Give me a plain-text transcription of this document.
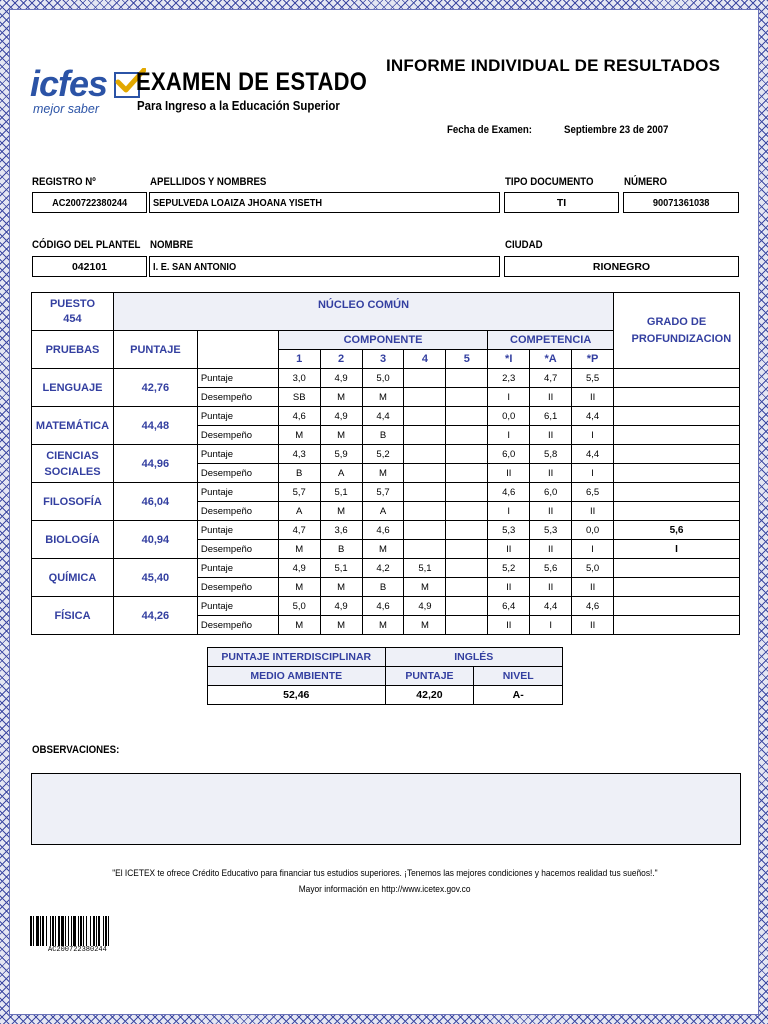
INFORME INDIVIDUAL DE RESULTADOS
icfes
mejor saber
EXAMEN DE ESTADO
Para Ingreso a la Educación Superior
Fecha de Examen:	Septiembre 23 de 2007
REGISTRO Nº	APELLIDOS Y NOMBRES	TIPO DOCUMENTO	NÚMERO
AC200722380244 SEPULVEDA LOAIZA JHOANA YISETH	TI	90071361038
CÓDIGO DEL PLANTEL NOMBRE	CIUDAD
042101	I. E. SAN ANTONIO	RIONEGRO
PUESTO
454	NÚCLEO COMÚN										GRADO DE PROFUNDIZACION
PRUEBAS	PUNTAJE		COMPONENTE					COMPETENCIA			
			1	2	3	4	5	*I	*A	*P	
LENGUAJE	42,76	Puntaje	3,0	4,9	5,0			2,3	4,7	5,5	
		Desempeño	SB	M	M			I	II	II	
MATEMÁTICA	44,48	Puntaje	4,6	4,9	4,4			0,0	6,1	4,4	
		Desempeño	M	M	B			I	II	I	
CIENCIAS SOCIALES	44,96	Puntaje	4,3	5,9	5,2			6,0	5,8	4,4	
		Desempeño	B	A	M			II	II	I	
FILOSOFÍA	46,04	Puntaje	5,7	5,1	5,7			4,6	6,0	6,5	
		Desempeño	A	M	A			I	II	II	
BIOLOGÍA	40,94	Puntaje	4,7	3,6	4,6			5,3	5,3	0,0	5,6
		Desempeño	M	B	M			II	II	I	I
QUÍMICA	45,40	Puntaje	4,9	5,1	4,2	5,1		5,2	5,6	5,0	
		Desempeño	M	M	B	M		II	II	II	
FÍSICA	44,26	Puntaje	5,0	4,9	4,6	4,9		6,4	4,4	4,6	
		Desempeño	M	M	M	M		II	I	II	
PUNTAJE INTERDISCIPLINAR	INGLÉS	
MEDIO AMBIENTE	PUNTAJE	NIVEL
52,46	42,20	A-
OBSERVACIONES:
"El ICETEX te ofrece Crédito Educativo para financiar tus estudios superiores. ¡Tenemos las mejores condiciones y hacemos realidad tus sueños!."
Mayor información en http://www.icetex.gov.co
AC200722380244
